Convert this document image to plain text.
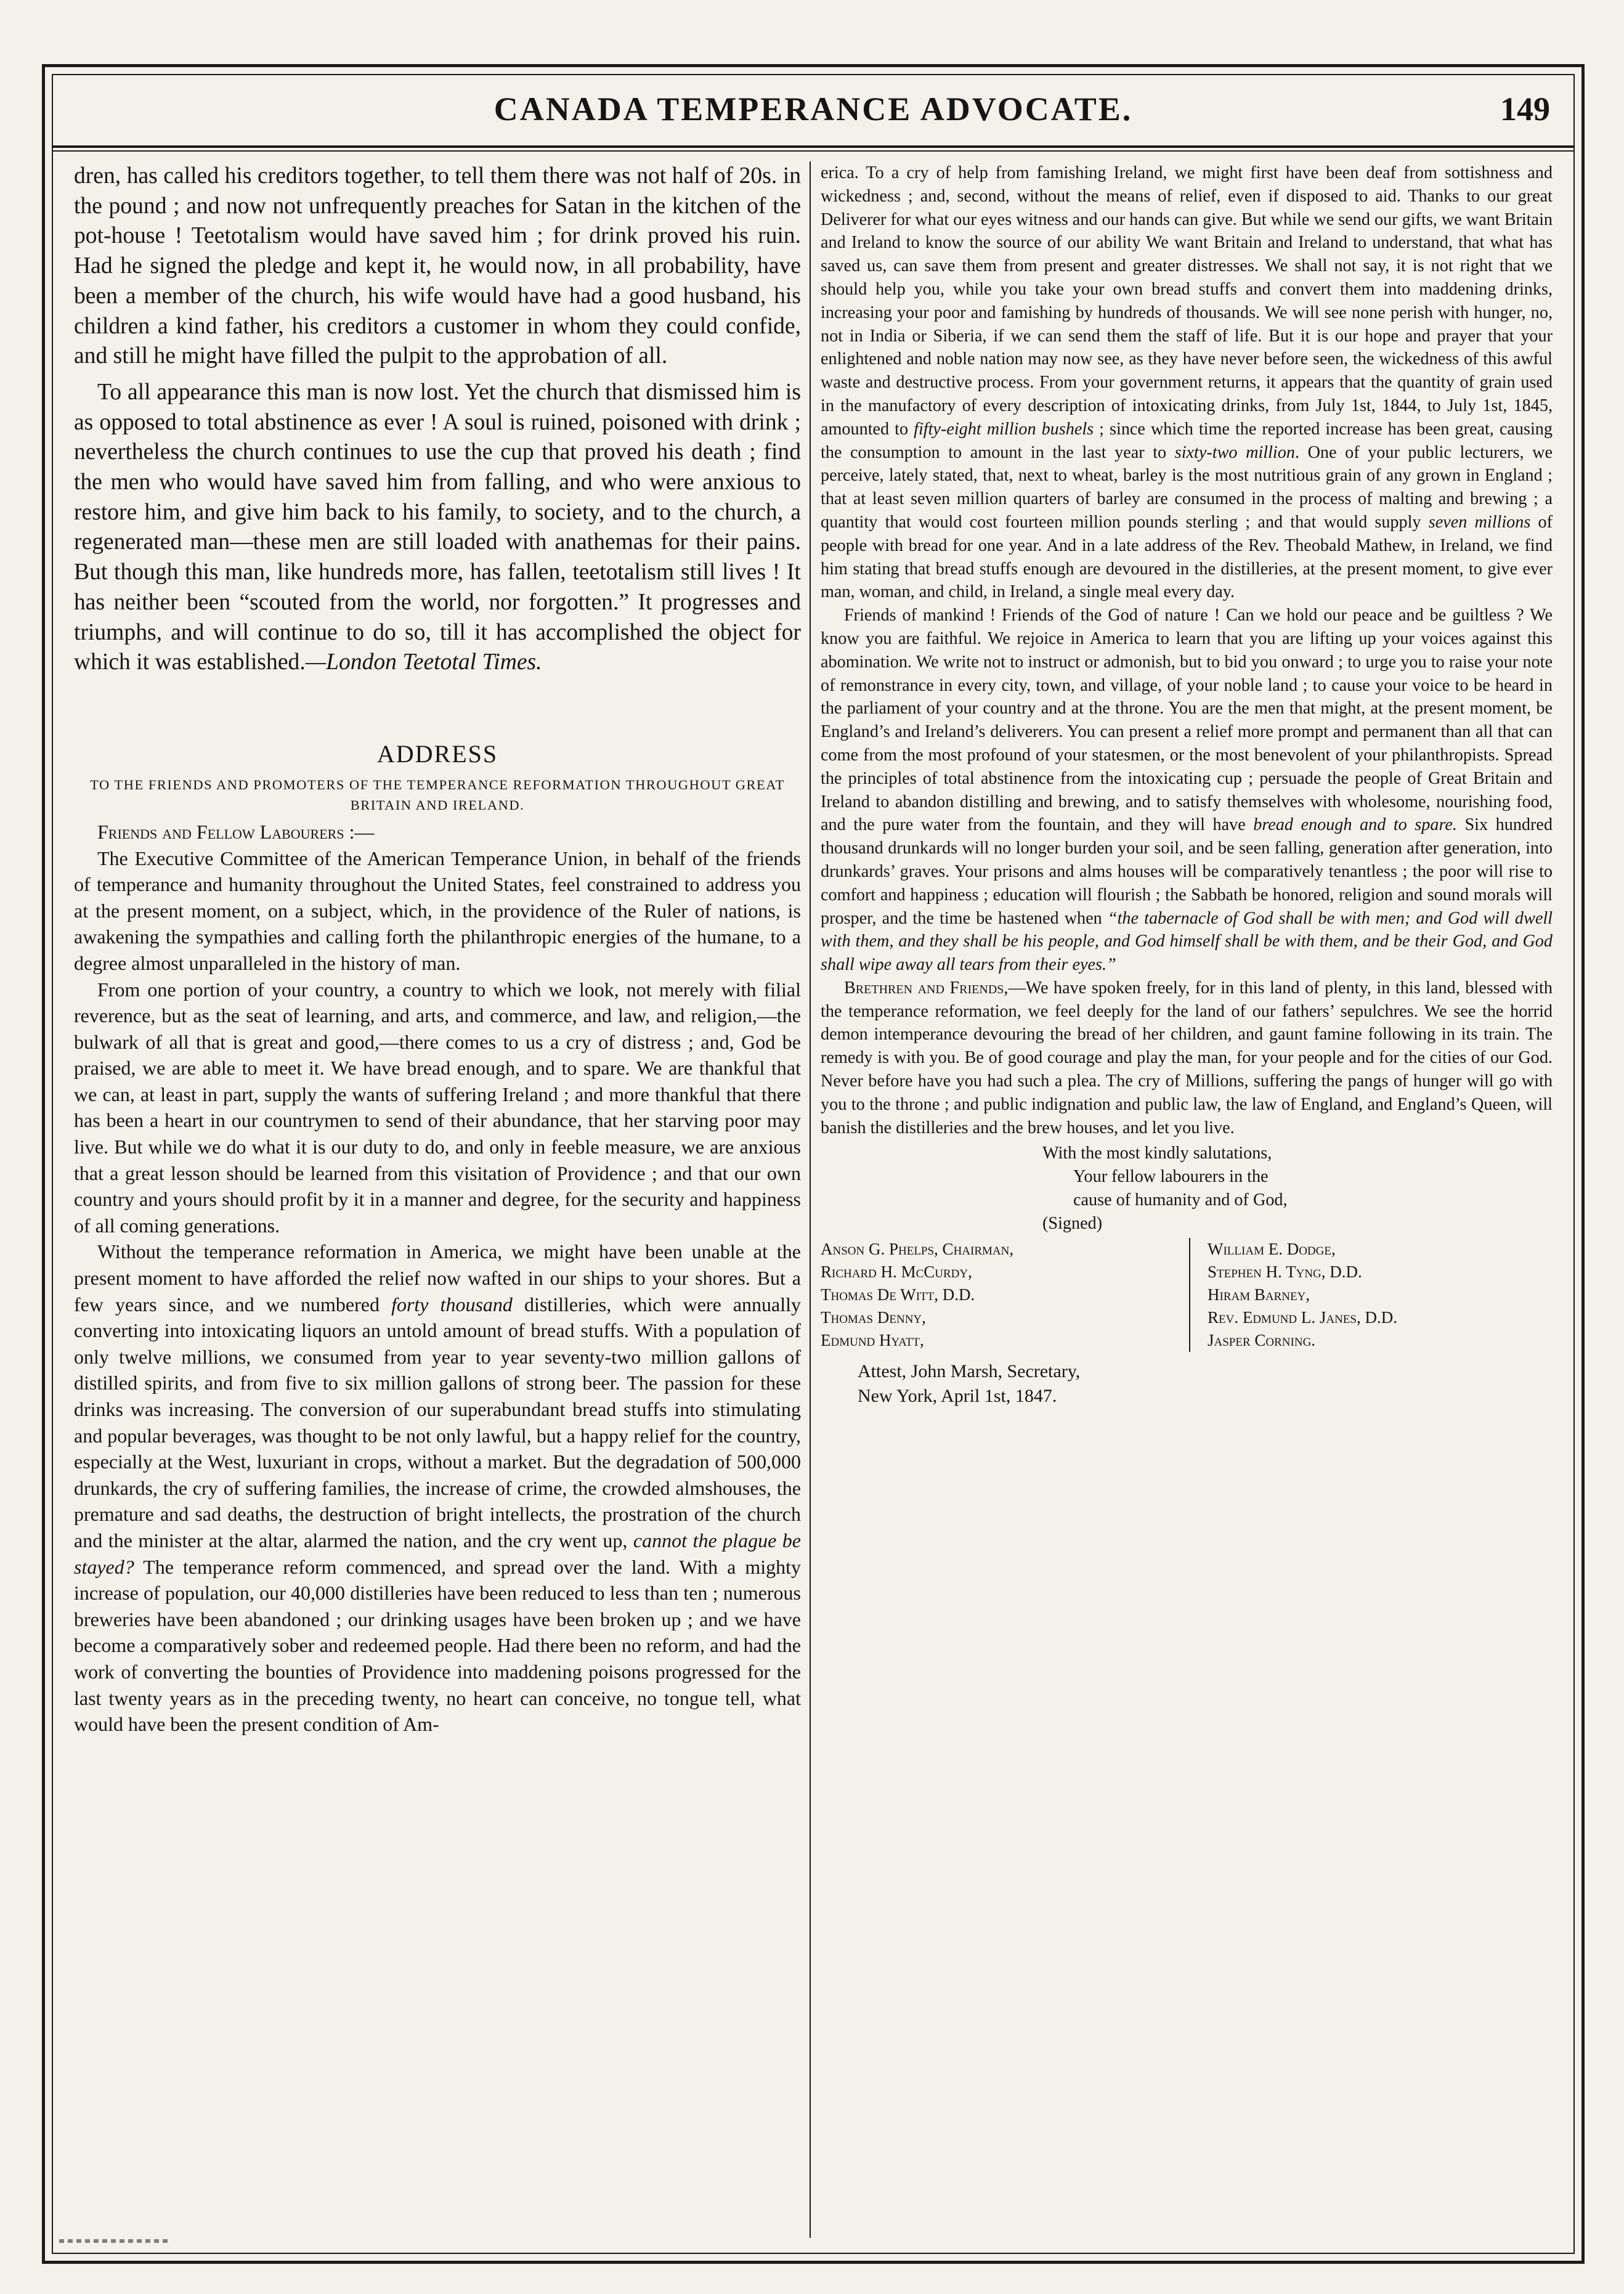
CANADA TEMPERANCE ADVOCATE.	149

dren, has called his creditors together, to tell them there was not half of 20s. in the pound ; and now not unfrequently preaches for Satan in the kitchen of the pot-house ! Teetotalism would have saved him ; for drink proved his ruin. Had he signed the pledge and kept it, he would now, in all probability, have been a member of the church, his wife would have had a good husband, his children a kind father, his creditors a customer in whom they could confide, and still he might have filled the pulpit to the approbation of all.

To all appearance this man is now lost. Yet the church that dismissed him is as opposed to total abstinence as ever ! A soul is ruined, poisoned with drink ; nevertheless the church continues to use the cup that proved his death ; find the men who would have saved him from falling, and who were anxious to restore him, and give him back to his family, to society, and to the church, a regenerated man—these men are still loaded with anathemas for their pains. But though this man, like hundreds more, has fallen, teetotalism still lives ! It has neither been “scouted from the world, nor forgotten.” It progresses and triumphs, and will continue to do so, till it has accomplished the object for which it was established.—London Teetotal Times.

ADDRESS

TO THE FRIENDS AND PROMOTERS OF THE TEMPERANCE REFORMATION THROUGHOUT GREAT BRITAIN AND IRELAND.

Friends and Fellow Labourers :—

The Executive Committee of the American Temperance Union, in behalf of the friends of temperance and humanity throughout the United States, feel constrained to address you at the present moment, on a subject, which, in the providence of the Ruler of nations, is awakening the sympathies and calling forth the philanthropic energies of the humane, to a degree almost unparalleled in the history of man.

From one portion of your country, a country to which we look, not merely with filial reverence, but as the seat of learning, and arts, and commerce, and law, and religion,—the bulwark of all that is great and good,—there comes to us a cry of distress ; and, God be praised, we are able to meet it. We have bread enough, and to spare. We are thankful that we can, at least in part, supply the wants of suffering Ireland ; and more thankful that there has been a heart in our countrymen to send of their abundance, that her starving poor may live. But while we do what it is our duty to do, and only in feeble measure, we are anxious that a great lesson should be learned from this visitation of Providence ; and that our own country and yours should profit by it in a manner and degree, for the security and happiness of all coming generations.

Without the temperance reformation in America, we might have been unable at the present moment to have afforded the relief now wafted in our ships to your shores. But a few years since, and we numbered forty thousand distilleries, which were annually converting into intoxicating liquors an untold amount of bread stuffs. With a population of only twelve millions, we consumed from year to year seventy-two million gallons of distilled spirits, and from five to six million gallons of strong beer. The passion for these drinks was increasing. The conversion of our superabundant bread stuffs into stimulating and popular beverages, was thought to be not only lawful, but a happy relief for the country, especially at the West, luxuriant in crops, without a market. But the degradation of 500,000 drunkards, the cry of suffering families, the increase of crime, the crowded almshouses, the premature and sad deaths, the destruction of bright intellects, the prostration of the church and the minister at the altar, alarmed the nation, and the cry went up, cannot the plague be stayed? The temperance reform commenced, and spread over the land. With a mighty increase of population, our 40,000 distilleries have been reduced to less than ten ; numerous breweries have been abandoned ; our drinking usages have been broken up ; and we have become a comparatively sober and redeemed people. Had there been no reform, and had the work of converting the bounties of Providence into maddening poisons progressed for the last twenty years as in the preceding twenty, no heart can conceive, no tongue tell, what would have been the present condition of Am-

erica. To a cry of help from famishing Ireland, we might first have been deaf from sottishness and wickedness ; and, second, without the means of relief, even if disposed to aid. Thanks to our great Deliverer for what our eyes witness and our hands can give. But while we send our gifts, we want Britain and Ireland to know the source of our ability We want Britain and Ireland to understand, that what has saved us, can save them from present and greater distresses. We shall not say, it is not right that we should help you, while you take your own bread stuffs and convert them into maddening drinks, increasing your poor and famishing by hundreds of thousands. We will see none perish with hunger, no, not in India or Siberia, if we can send them the staff of life. But it is our hope and prayer that your enlightened and noble nation may now see, as they have never before seen, the wickedness of this awful waste and destructive process. From your government returns, it appears that the quantity of grain used in the manufactory of every description of intoxicating drinks, from July 1st, 1844, to July 1st, 1845, amounted to fifty-eight million bushels ; since which time the reported increase has been great, causing the consumption to amount in the last year to sixty-two million. One of your public lecturers, we perceive, lately stated, that, next to wheat, barley is the most nutritious grain of any grown in England ; that at least seven million quarters of barley are consumed in the process of malting and brewing ; a quantity that would cost fourteen million pounds sterling ; and that would supply seven millions of people with bread for one year. And in a late address of the Rev. Theobald Mathew, in Ireland, we find him stating that bread stuffs enough are devoured in the distilleries, at the present moment, to give ever man, woman, and child, in Ireland, a single meal every day.

Friends of mankind ! Friends of the God of nature ! Can we hold our peace and be guiltless ? We know you are faithful. We rejoice in America to learn that you are lifting up your voices against this abomination. We write not to instruct or admonish, but to bid you onward ; to urge you to raise your note of remonstrance in every city, town, and village, of your noble land ; to cause your voice to be heard in the parliament of your country and at the throne. You are the men that might, at the present moment, be England’s and Ireland’s deliverers. You can present a relief more prompt and permanent than all that can come from the most profound of your statesmen, or the most benevolent of your philanthropists. Spread the principles of total abstinence from the intoxicating cup ; persuade the people of Great Britain and Ireland to abandon distilling and brewing, and to satisfy themselves with wholesome, nourishing food, and the pure water from the fountain, and they will have bread enough and to spare. Six hundred thousand drunkards will no longer burden your soil, and be seen falling, generation after generation, into drunkards’ graves. Your prisons and alms houses will be comparatively tenantless ; the poor will rise to comfort and happiness ; education will flourish ; the Sabbath be honored, religion and sound morals will prosper, and the time be hastened when “the tabernacle of God shall be with men; and God will dwell with them, and they shall be his people, and God himself shall be with them, and be their God, and God shall wipe away all tears from their eyes.”

Brethren and Friends,—We have spoken freely, for in this land of plenty, in this land, blessed with the temperance reformation, we feel deeply for the land of our fathers’ sepulchres. We see the horrid demon intemperance devouring the bread of her children, and gaunt famine following in its train. The remedy is with you. Be of good courage and play the man, for your people and for the cities of our God. Never before have you had such a plea. The cry of Millions, suffering the pangs of hunger will go with you to the throne ; and public indignation and public law, the law of England, and England’s Queen, will banish the distilleries and the brew houses, and let you live.

With the most kindly salutations,

Your fellow labourers in the

cause of humanity and of God,

(Signed)

Anson G. Phelps, Chairman,
Richard H. McCurdy,
Thomas De Witt, D.D.
Thomas Denny,
Edmund Hyatt,
William E. Dodge,
Stephen H. Tyng, D.D.
Hiram Barney,
Rev. Edmund L. Janes, D.D.
Jasper Corning.

Attest, John Marsh, Secretary,

New York, April 1st, 1847.
